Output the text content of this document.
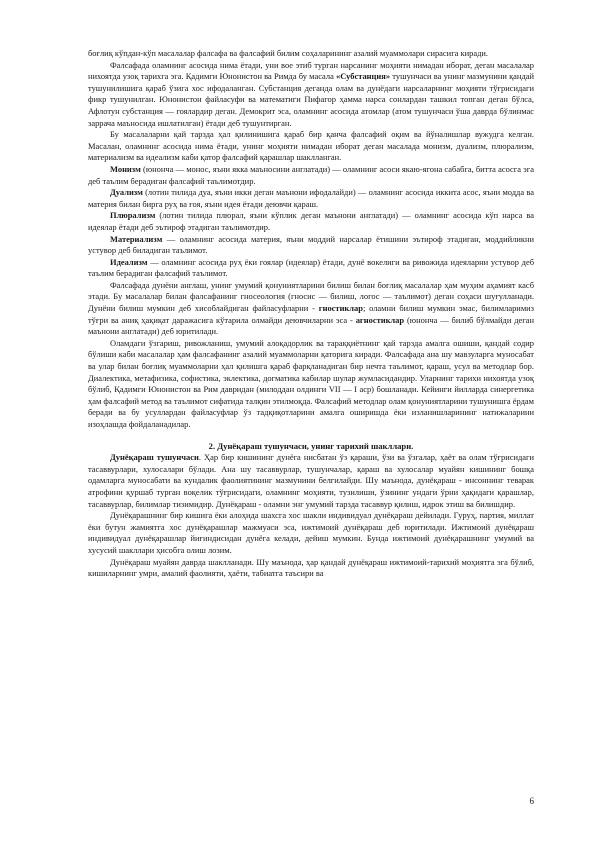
боғлиқ кўпдан-кўп масалалар фалсафа ва фалсафий билим соҳаларининг азалий муаммолари сирасига киради.

Фалсафада оламнинг асосида нима ётади, уни вое этиб турган нарсанинг моҳияти нимадан иборат, деган масалалар нихоятда узоқ тарихга эга. Қадимги Юнонистон ва Римда бу масала «Субстанция» тушунчаси ва унинг мазмунини қандай тушунилишига қараб ўзига хос ифодаланган. Субстанция деганда олам ва дунёдаги нарсаларнинг моҳияти тўғрисидаги фикр тушунилган. Юнонистон файласуфи ва математиги Пифагор ҳамма нарса сонлардан ташкил топган деган бўлса, Афлотун субстанция — гоялардир деган. Демокрит эса, оламнинг асосида атомлар (атом тушунчаси ўша даврда бўлинмас заррача маъносида ишлатилган) ётади деб тушунтирган.

Бу масалаларни қай тарзда ҳал қилинишига қараб бир қанча фалсафий оқим ва йўналишлар вужудга келган. Масалан, оламнинг асосида нима ётади, унинг моҳияти нимадан иборат деган масалада монизм, дуализм, плюрализм, материализм ва идеализм каби қатор фалсафий қарашлар шаклланган.

Монизм (юнонча — монос, яъни якка маъносини англатади) — оламнинг асоси якаю-ягона сабабга, битта асосга эга деб таълим берадиган фалсафий таълимотдир.

Дуализм (лотин тилида дуа, яъни икки деган маънони ифодалайди) — оламнинг асосида иккита асос, яъни модда ва материя билан бирга руҳ ва ғоя, яъни идея ётади деювчи қараш.

Плюрализм (лотин тилида плюрал, яъни кўплик деган маънони англатади) — оламнинг асосида кўп нарса ва идеялар ётади деб эътироф этадиган таълимотдир.

Материализм — оламнинг асосида материя, яъни моддий нарсалар ётишини эътироф этадиган, моддийликни устувор деб биладиган таълимот.

Идеализм — оламнинг асосида руҳ ёки гоялар (идеялар) ётади, дунё вокелиги ва ривожида идеяларни устувор деб таълим берадиган фалсафий таълимот.

Фалсафада дунёни англаш, унинг умумий қонуниятларини билиш билан боғлиқ масалалар ҳам муҳим аҳамият касб этади. Бу масалалар билан фалсафанинг гносеология (гносис — билиш, логос — таълимот) деган соҳаси шуғулланади. Дунёни билиш мумкин деб хисоблайдиган файласуфларни - гностиклар; оламни билиш мумкин эмас, билимларимиз тўғри ва аниқ ҳақиқат даражасига кўтарила олмайди деювчиларни эса - агностиклар (юнонча — билиб бўлмайди деган маънони англатади) деб юритилади.

Оламдаги ўзгариш, ривожланиш, умумий алоқадорлик ва тараққиётнинг қай тарзда амалга ошиши, қандай содир бўлиши каби масалалар ҳам фалсафанинг азалий муаммоларни қаторига киради. Фалсафада ана шу мавзуларга муносабат ва улар билан боғлиқ муаммоларни ҳал қилишга қараб фарқланадиган бир нечта таълимот, қараш, усул ва методлар бор. Диалектика, метафизика, софистика, эклектика, догматика кабилар шулар жумласидандир. Уларнинг тарихи нихоятда узоқ бўлиб, Қадимги Юнонистон ва Рим давридан (милоддан олдинги VII — I аср) бошланади. Кейинги йилларда синергетика ҳам фалсафий метод ва таълимот сифатида талқин этилмоқда. Фалсафий методлар олам қонуниятларини тушунишга ёрдам беради ва бу усуллардан файласуфлар ўз тадқиқотларини амалга оширишда ёки изланишларининг натижаларини изоҳлашда фойдаланадилар.

2. Дунёқараш тушунчаси, унинг тарихий шакллари.

Дунёқараш тушунчаси. Ҳар бир кишининг дунёга нисбатан ўз қараши, ўзи ва ўзгалар, ҳаёт ва олам тўғрисидаги тасаввурлари, хулосалари бўлади. Ана шу тасаввурлар, тушунчалар, қараш ва хулосалар муайян кишининг бошқа одамларга муносабати ва кундалик фаолиятининг мазмунини белгилайди. Шу маънода, дунёқараш - инсоннинг теварак атрофини қуршаб турган воқелик тўғрисидаги, оламнинг моҳияти, тузилиши, ўзининг ундаги ўрни ҳақидаги қарашлар, тасаввурлар, билимлар тизимидир. Дунёқараш - оламни энг умумий тарзда тасаввур қилиш, идрок этиш ва билишдир.

Дунёқарашнинг бир кишига ёки алоҳида шахсга хос шакли индивидуал дунёқараш дейилади. Гуруҳ, партия, миллат ёки бутун жамиятга хос дунёқарашлар мажмуаси эса, ижтимоий дунёқараш деб юритилади. Ижтимоий дунёқараш индивидуал дунёқарашлар йиғиндисидан дунёга келади, дейиш мумкин. Бунда ижтимоий дунёқарашнинг умумий ва хусусий шакллари ҳисобга олиш лозим.

Дунёқараш муайян даврда шаклланади. Шу маънода, ҳар қандай дунёқараш ижтимоий-тарихий моҳиятга эга бўлиб, кишиларнинг умри, амалий фаолияти, ҳаёти, табиатга таъсири ва

6
